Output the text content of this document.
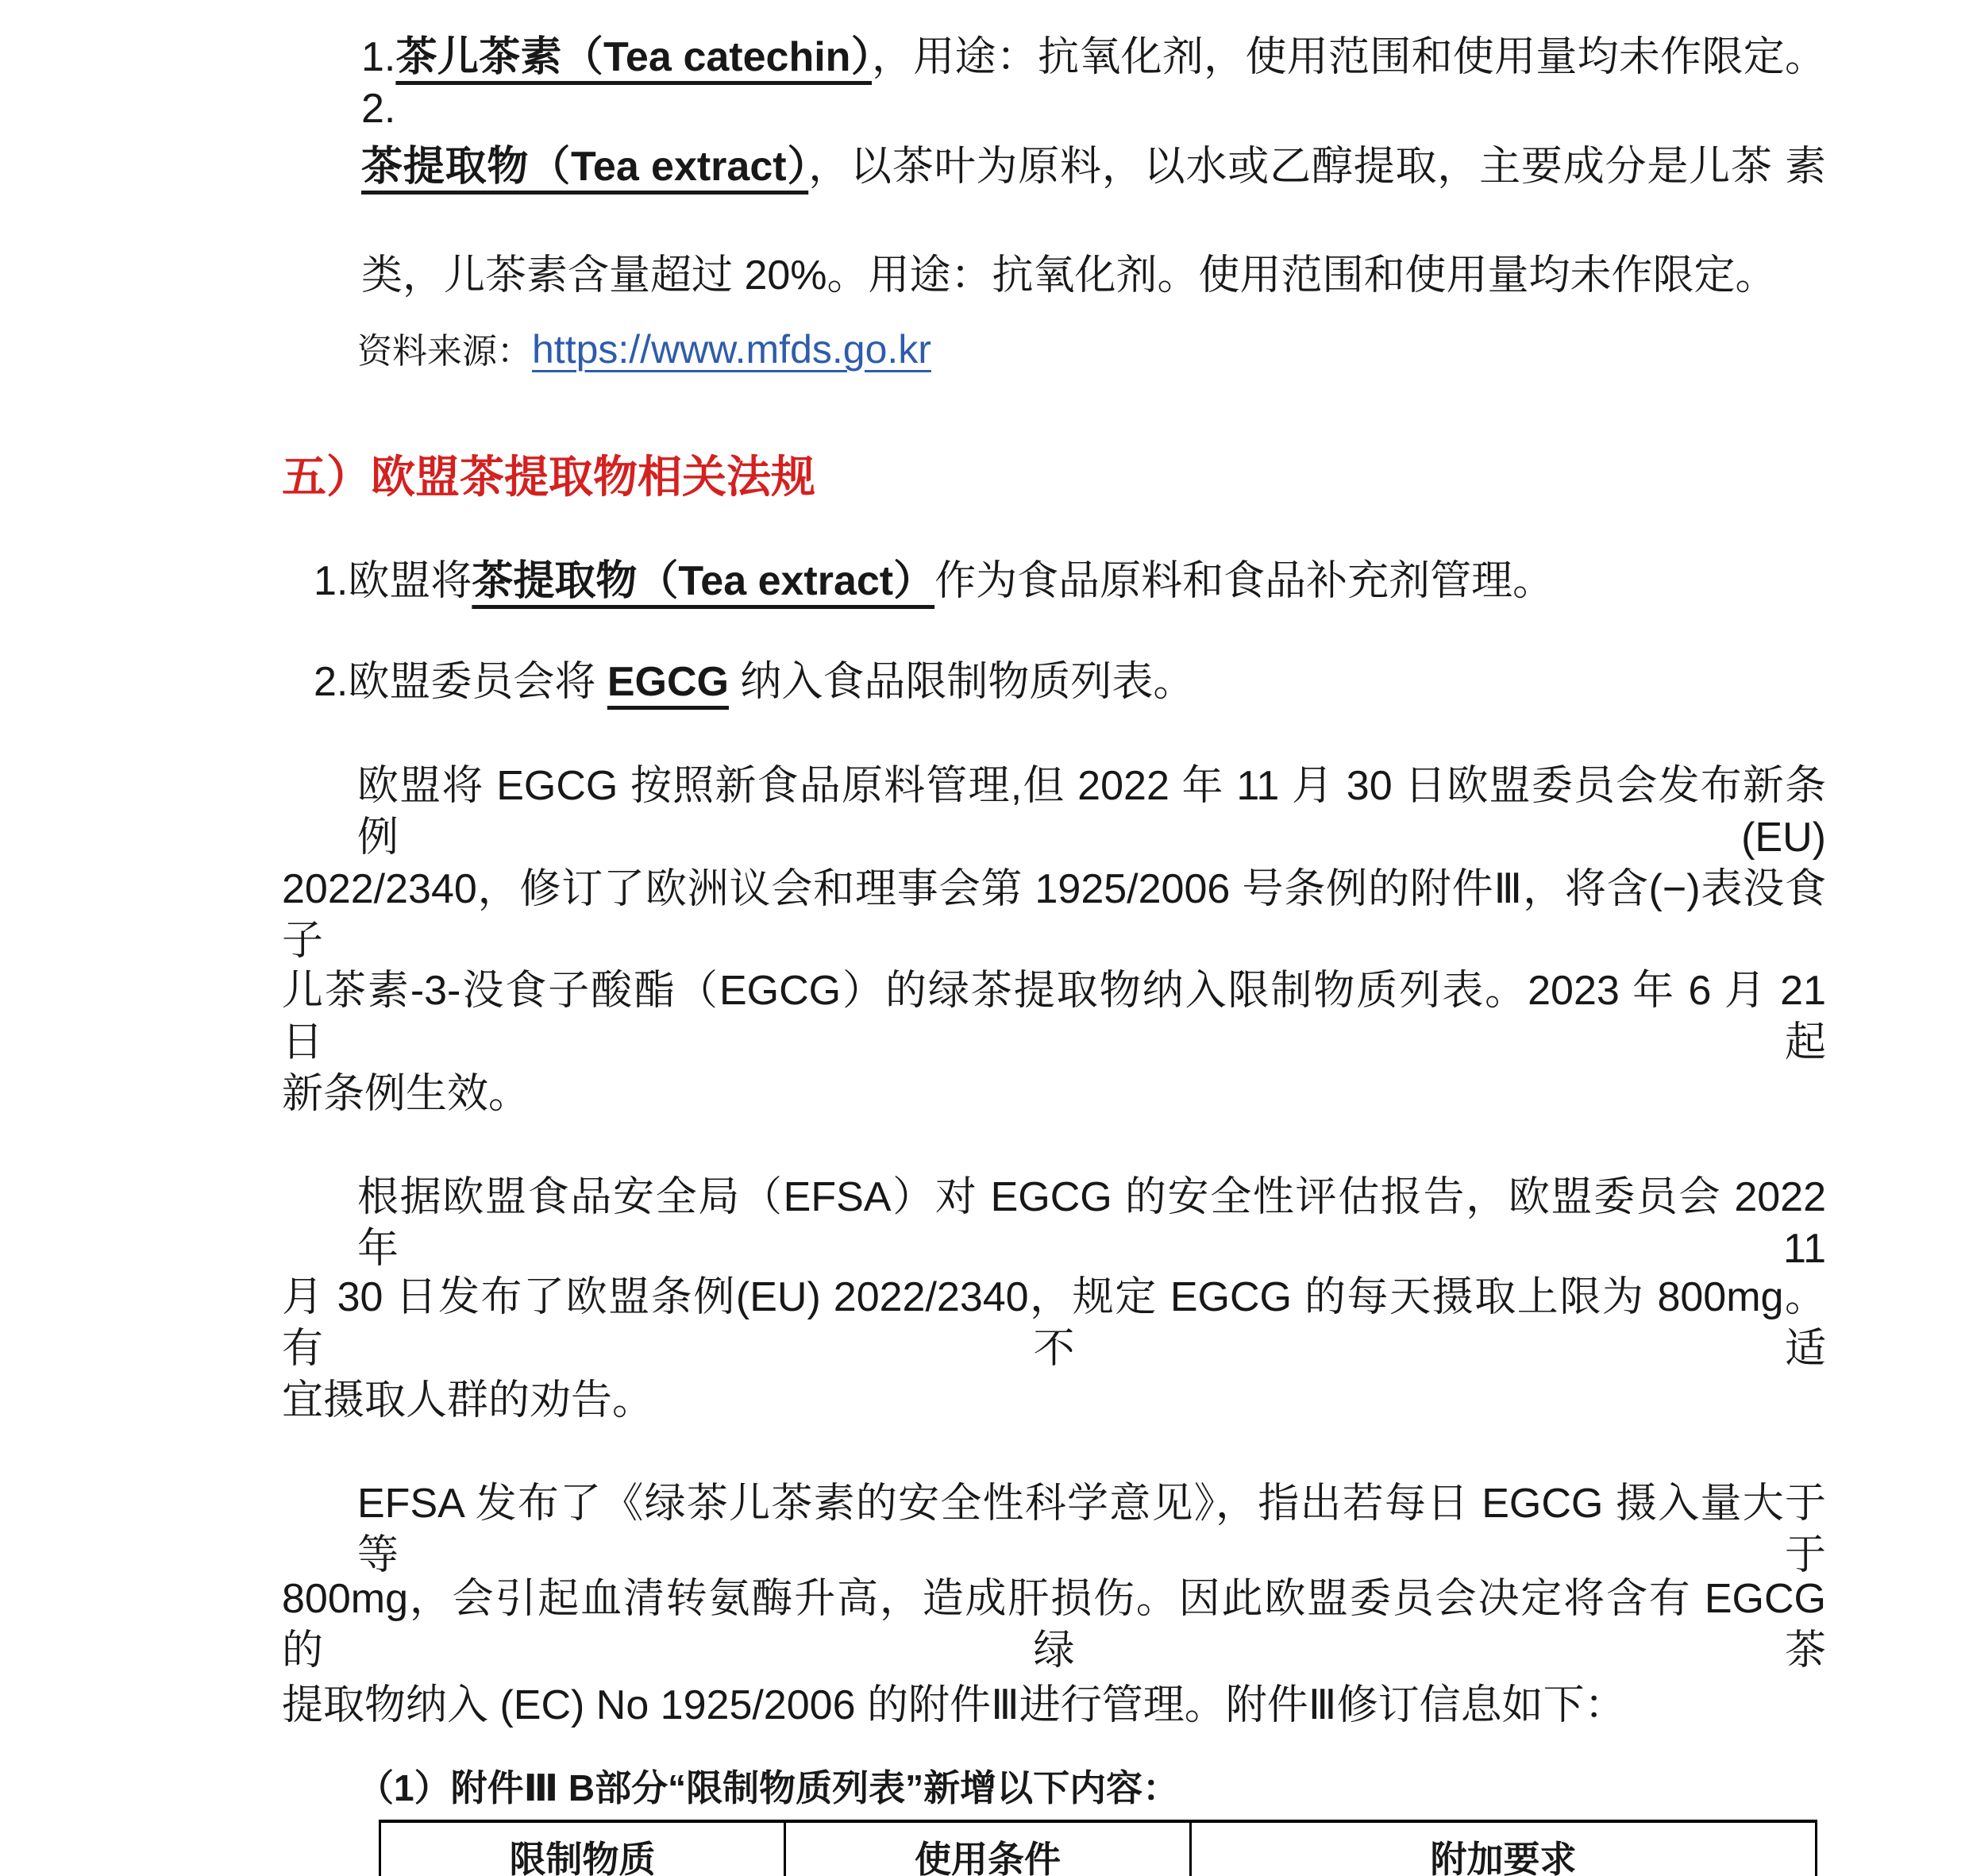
1.茶儿茶素（Tea catechin），用途：抗氧化剂，使用范围和使用量均未作限定。2.
茶提取物（Tea extract），以茶叶为原料，以水或乙醇提取，主要成分是儿茶 素
类，儿茶素含量超过 20%。用途：抗氧化剂。使用范围和使用量均未作限定。
资料来源：https://www.mfds.go.kr
五）欧盟茶提取物相关法规
1.欧盟将茶提取物（Tea extract）作为食品原料和食品补充剂管理。
2.欧盟委员会将 EGCG 纳入食品限制物质列表。
欧盟将 EGCG 按照新食品原料管理,但 2022 年 11 月 30 日欧盟委员会发布新条例 (EU)
2022/2340，修订了欧洲议会和理事会第 1925/2006 号条例的附件Ⅲ，将含(−)表没食子
儿茶素-3-没食子酸酯（EGCG）的绿茶提取物纳入限制物质列表。2023 年 6 月 21 日起
新条例生效。
根据欧盟食品安全局（EFSA）对 EGCG 的安全性评估报告，欧盟委员会 2022 年 11
月 30 日发布了欧盟条例(EU) 2022/2340，规定 EGCG 的每天摄取上限为 800mg。有不适
宜摄取人群的劝告。
EFSA 发布了《绿茶儿茶素的安全性科学意见》，指出若每日 EGCG 摄入量大于等于
800mg，会引起血清转氨酶升高，造成肝损伤。因此欧盟委员会决定将含有 EGCG 的绿茶
提取物纳入 (EC) No 1925/2006 的附件Ⅲ进行管理。附件Ⅲ修订信息如下：
（1）附件Ⅲ B部分“限制物质列表”新增以下内容：
限制物质	使用条件	附加要求
